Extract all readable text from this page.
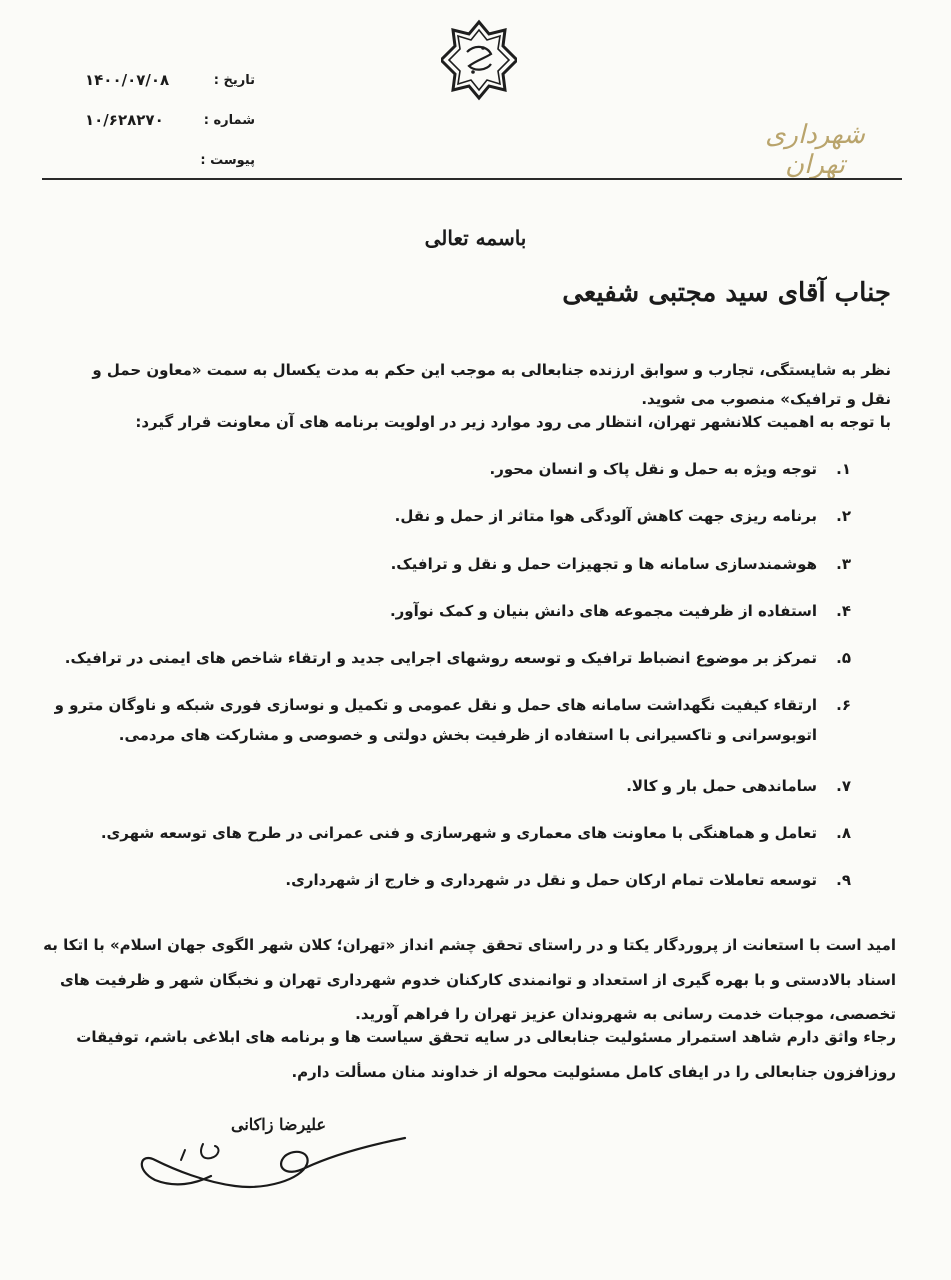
شهرداری تهران
تاریخ :
۱۴۰۰/۰۷/۰۸
شماره :
۱۰/۶۲۸۲۷۰
پیوست :
باسمه تعالی
جناب آقای سید مجتبی شفیعی
نظر به شایستگی، تجارب و سوابق ارزنده جنابعالی به موجب این حکم به مدت یکسال به سمت «معاون حمل و نقل و ترافیک» منصوب می شوید.
با توجه به اهمیت کلانشهر تهران، انتظار می رود موارد زیر در اولویت برنامه های آن معاونت قرار گیرد:
۱.
توجه ویژه به حمل و نقل پاک و انسان محور.
۲.
برنامه ریزی جهت کاهش آلودگی هوا متاثر از حمل و نقل.
۳.
هوشمندسازی سامانه ها و تجهیزات حمل و نقل و ترافیک.
۴.
استفاده از ظرفیت مجموعه های دانش بنیان و کمک نوآور.
۵.
تمرکز بر موضوع انضباط ترافیک و توسعه روشهای اجرایی جدید و ارتقاء شاخص های ایمنی در ترافیک.
۶.
ارتقاء کیفیت نگهداشت سامانه های حمل و نقل عمومی و تکمیل و نوسازی فوری شبکه و ناوگان مترو و اتوبوسرانی و تاکسیرانی با استفاده از ظرفیت بخش دولتی و خصوصی و مشارکت های مردمی.
۷.
ساماندهی حمل بار و کالا.
۸.
تعامل و هماهنگی با معاونت های معماری و شهرسازی و فنی عمرانی در طرح های توسعه شهری.
۹.
توسعه تعاملات تمام ارکان حمل و نقل در شهرداری و خارج از شهرداری.
امید است با استعانت از پروردگار یکتا و در راستای تحقق چشم انداز «تهران؛ کلان شهر الگوی جهان اسلام» با اتکا به اسناد بالادستی و با بهره گیری از استعداد و توانمندی کارکنان خدوم شهرداری تهران و نخبگان شهر و ظرفیت های تخصصی، موجبات خدمت رسانی به شهروندان عزیز تهران را فراهم آورید.
رجاء واثق دارم شاهد استمرار مسئولیت جنابعالی در سایه تحقق سیاست ها و برنامه های ابلاغی باشم، توفیقات روزافزون جنابعالی را در ایفای کامل مسئولیت محوله از خداوند منان مسألت دارم.
علیرضا زاکانی
